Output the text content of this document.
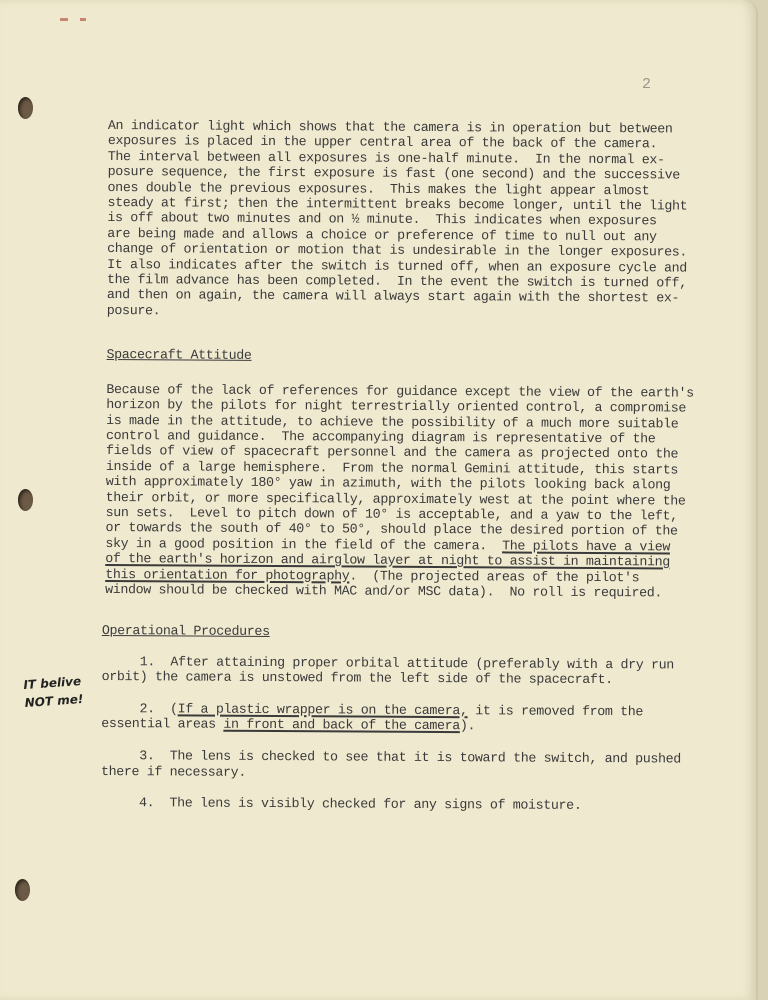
2
An indicator light which shows that the camera is in operation but between
exposures is placed in the upper central area of the back of the camera.
The interval between all exposures is one-half minute.  In the normal ex-
posure sequence, the first exposure is fast (one second) and the successive
ones double the previous exposures.  This makes the light appear almost
steady at first; then the intermittent breaks become longer, until the light
is off about two minutes and on ½ minute.  This indicates when exposures
are being made and allows a choice or preference of time to null out any
change of orientation or motion that is undesirable in the longer exposures.
It also indicates after the switch is turned off, when an exposure cycle and
the film advance has been completed.  In the event the switch is turned off,
and then on again, the camera will always start again with the shortest ex-
posure.
Spacecraft Attitude
Because of the lack of references for guidance except the view of the earth's
horizon by the pilots for night terrestrially oriented control, a compromise
is made in the attitude, to achieve the possibility of a much more suitable
control and guidance.  The accompanying diagram is representative of the
fields of view of spacecraft personnel and the camera as projected onto the
inside of a large hemisphere.  From the normal Gemini attitude, this starts
with approximately 180° yaw in azimuth, with the pilots looking back along
their orbit, or more specifically, approximately west at the point where the
sun sets.  Level to pitch down of 10° is acceptable, and a yaw to the left,
or towards the south of 40° to 50°, should place the desired portion of the
sky in a good position in the field of the camera.  The pilots have a view
of the earth's horizon and airglow layer at night to assist in maintaining
this orientation for photography.  (The projected areas of the pilot's
window should be checked with MAC and/or MSC data).  No roll is required.
Operational Procedures
1.  After attaining proper orbital attitude (preferably with a dry run
orbit) the camera is unstowed from the left side of the spacecraft.
2.  (If a plastic wrapper is on the camera, it is removed from the
essential areas in front and back of the camera).
3.  The lens is checked to see that it is toward the switch, and pushed
there if necessary.
4.  The lens is visibly checked for any signs of moisture.
IT belive
NOT me!
